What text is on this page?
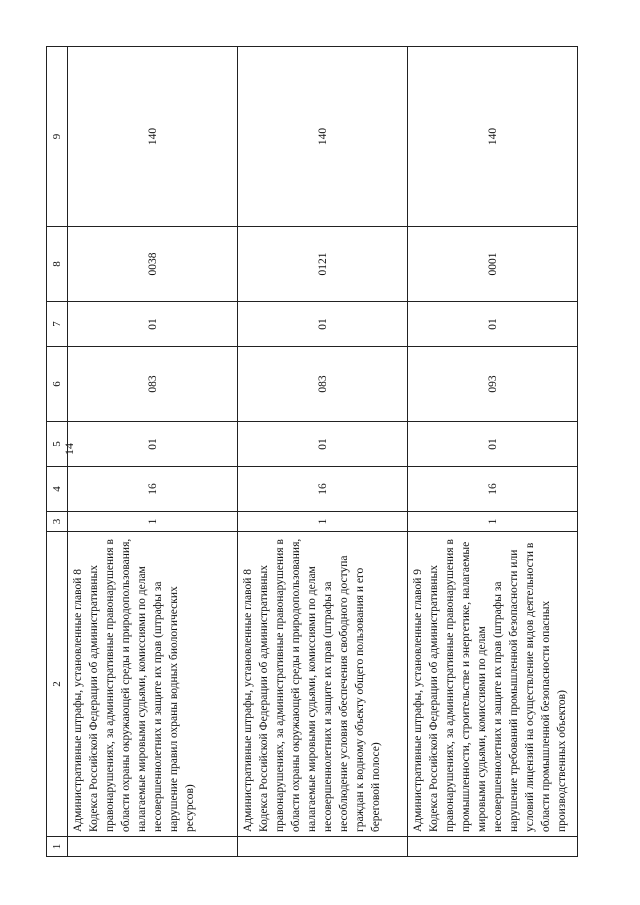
14
1	2	3	4	5	6	7	8	9
	Административные штрафы, установленные главой 8 Кодекса Российской Федерации об административных правонарушениях, за административные правонарушения в области охраны окружающей среды и природопользования, налагаемые мировыми судьями, комиссиями по делам несовершеннолетних и защите их прав (штрафы за нарушение правил охраны водных биологических ресурсов)	1	16	01	083	01	0038	140
	Административные штрафы, установленные главой 8 Кодекса Российской Федерации об административных правонарушениях, за административные правонарушения в области охраны окружающей среды и природопользования, налагаемые мировыми судьями, комиссиями по делам несовершеннолетних и защите их прав (штрафы за несоблюдение условия обеспечения свободного доступа граждан к водному объекту общего пользования и его береговой полосе)	1	16	01	083	01	0121	140
	Административные штрафы, установленные главой 9 Кодекса Российской Федерации об административных правонарушениях, за административные правонарушения в промышленности, строительстве и энергетике, налагаемые мировыми судьями, комиссиями по делам несовершеннолетних и защите их прав (штрафы за нарушение требований промышленной безопасности или условий лицензий на осуществление видов деятельности в области промышленной безопасности опасных производственных объектов)	1	16	01	093	01	0001	140
